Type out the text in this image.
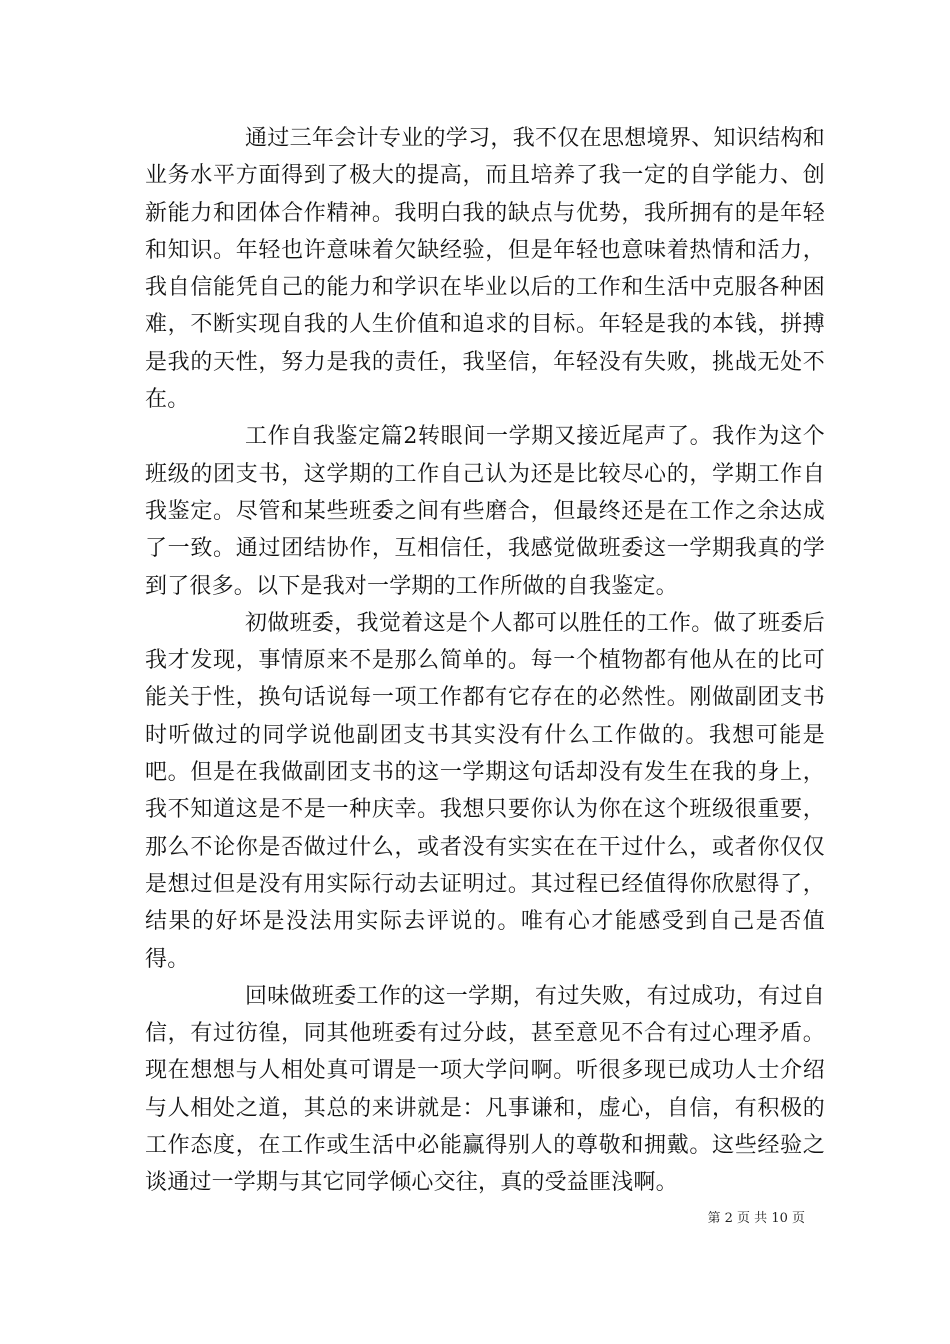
通过三年会计专业的学习，我不仅在思想境界、知识结构和业务水平方面得到了极大的提高，而且培养了我一定的自学能力、创新能力和团体合作精神。我明白我的缺点与优势，我所拥有的是年轻和知识。年轻也许意味着欠缺经验，但是年轻也意味着热情和活力，我自信能凭自己的能力和学识在毕业以后的工作和生活中克服各种困难，不断实现自我的人生价值和追求的目标。年轻是我的本钱，拼搏是我的天性，努力是我的责任，我坚信，年轻没有失败，挑战无处不在。

工作自我鉴定篇2转眼间一学期又接近尾声了。我作为这个班级的团支书，这学期的工作自己认为还是比较尽心的，学期工作自我鉴定。尽管和某些班委之间有些磨合，但最终还是在工作之余达成了一致。通过团结协作，互相信任，我感觉做班委这一学期我真的学到了很多。以下是我对一学期的工作所做的自我鉴定。

初做班委，我觉着这是个人都可以胜任的工作。做了班委后我才发现，事情原来不是那么简单的。每一个植物都有他从在的比可能关于性，换句话说每一项工作都有它存在的必然性。刚做副团支书时听做过的同学说他副团支书其实没有什么工作做的。我想可能是吧。但是在我做副团支书的这一学期这句话却没有发生在我的身上，我不知道这是不是一种庆幸。我想只要你认为你在这个班级很重要，那么不论你是否做过什么，或者没有实实在在干过什么，或者你仅仅是想过但是没有用实际行动去证明过。其过程已经值得你欣慰得了，结果的好坏是没法用实际去评说的。唯有心才能感受到自己是否值得。

回味做班委工作的这一学期，有过失败，有过成功，有过自信，有过彷徨，同其他班委有过分歧，甚至意见不合有过心理矛盾。现在想想与人相处真可谓是一项大学问啊。听很多现已成功人士介绍与人相处之道，其总的来讲就是：凡事谦和，虚心，自信，有积极的工作态度，在工作或生活中必能赢得别人的尊敬和拥戴。这些经验之谈通过一学期与其它同学倾心交往，真的受益匪浅啊。

第 2 页 共 10 页
